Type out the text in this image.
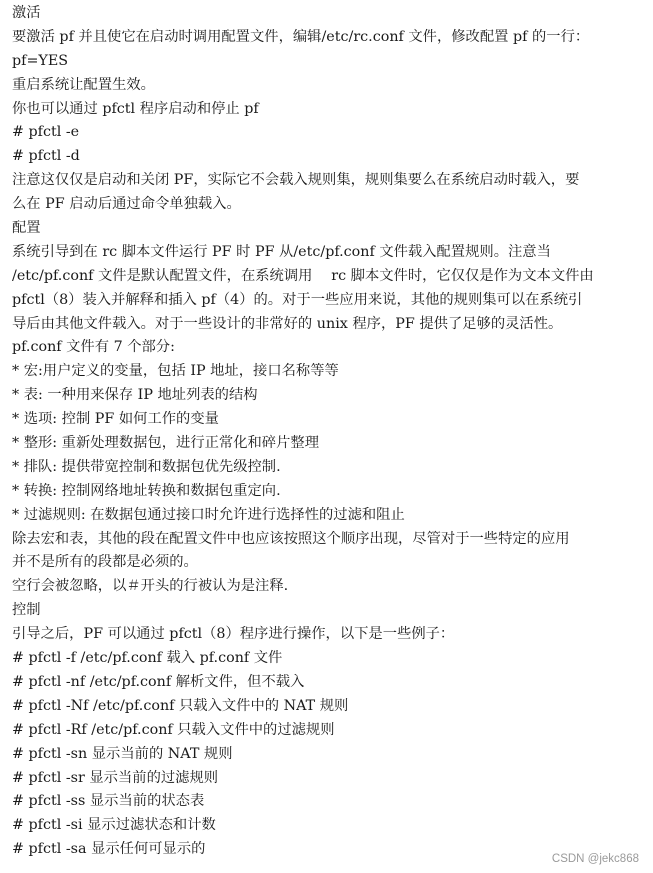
激活
要激活 pf 并且使它在启动时调用配置文件，编辑/etc/rc.conf 文件，修改配置 pf 的一行：
pf=YES
重启系统让配置生效。
你也可以通过 pfctl 程序启动和停止 pf
# pfctl -e
# pfctl -d
注意这仅仅是启动和关闭 PF，实际它不会载入规则集，规则集要么在系统启动时载入，要
么在 PF 启动后通过命令单独载入。
配置
系统引导到在 rc 脚本文件运行 PF 时 PF 从/etc/pf.conf 文件载入配置规则。注意当
/etc/pf.conf 文件是默认配置文件，在系统调用　 rc 脚本文件时，它仅仅是作为文本文件由
pfctl（8）装入并解释和插入 pf（4）的。对于一些应用来说，其他的规则集可以在系统引
导后由其他文件载入。对于一些设计的非常好的 unix 程序，PF 提供了足够的灵活性。
pf.conf 文件有 7 个部分:
* 宏:用户定义的变量，包括 IP 地址，接口名称等等
* 表: 一种用来保存 IP 地址列表的结构
* 选项: 控制 PF 如何工作的变量
* 整形: 重新处理数据包，进行正常化和碎片整理
* 排队: 提供带宽控制和数据包优先级控制.
* 转换: 控制网络地址转换和数据包重定向.
* 过滤规则: 在数据包通过接口时允许进行选择性的过滤和阻止
除去宏和表，其他的段在配置文件中也应该按照这个顺序出现，尽管对于一些特定的应用
并不是所有的段都是必须的。
空行会被忽略，以＃开头的行被认为是注释.
控制
引导之后，PF 可以通过 pfctl（8）程序进行操作，以下是一些例子：
# pfctl -f /etc/pf.conf 载入 pf.conf 文件
# pfctl -nf /etc/pf.conf 解析文件，但不载入
# pfctl -Nf /etc/pf.conf 只载入文件中的 NAT 规则
# pfctl -Rf /etc/pf.conf 只载入文件中的过滤规则
# pfctl -sn 显示当前的 NAT 规则
# pfctl -sr 显示当前的过滤规则
# pfctl -ss 显示当前的状态表
# pfctl -si 显示过滤状态和计数
# pfctl -sa 显示任何可显示的
CSDN @jekc868
